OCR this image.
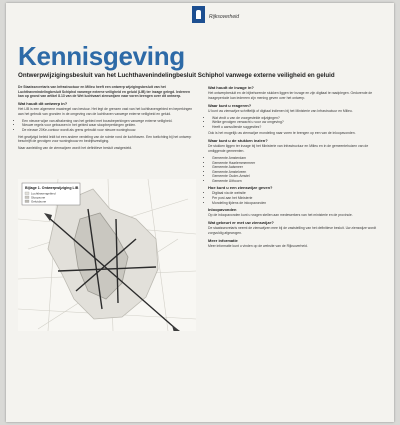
Rijksoverheid
Kennisgeving
Ontwerpwijzigingsbesluit van het Luchthavenindelingbesluit Schiphol vanwege externe veiligheid en geluid

De Staatssecretaris van Infrastructuur en Milieu heeft een ontwerp wijzigingsbesluit van het Luchthavenindelingbesluit Schiphol vanwege externe veiligheid en geluid (LIB) ter inzage gelegd. Iedereen kan op grond van artikel 8.13 van de Wet luchtvaart zienswijzen naar voren brengen over dit ontwerp.

Wat houdt dit ontwerp in?

Het LIB is een algemene maatregel van bestuur. Het legt de grenzen vast van het luchthavengebied en beperkingen aan het gebruik van gronden in de omgeving van de luchthaven vanwege externe veiligheid en geluid.

• Een nieuwe wijze van afbakening van het gebied met bouwbeperkingen vanwege externe veiligheid.
• Nieuwe regels voor gebouwen in het gebied waar sloopbeperkingen gelden.
• De nieuwe 20Ke-contour wordt als grens gebruikt voor nieuwe woningbouw.

Het gewijzigd beleid leidt tot een andere verdeling van de ruimte rond de luchthaven. Een toelichting bij het ontwerp beschrijft de gevolgen voor woningbouw en bedrijfsvestiging.

Naar aanleiding van de zienswijzen wordt het definitieve besluit vastgesteld.

Bijlage 1. Ontwerpwijziging LIB
Luchthavengebied
Sloopzone
Geluidzone
Wat houdt de inzage in?

Het ontwerpbesluit en de bijbehorende stukken liggen ter inzage en zijn digitaal te raadplegen. Gedurende de inzageperiode kan iedereen zijn mening geven over het ontwerp.

Waar kunt u reageren?

U kunt uw zienswijze schriftelijk of digitaal indienen bij het Ministerie van Infrastructuur en Milieu.

• Wat vindt u van de voorgestelde wijzigingen?
• Welke gevolgen verwacht u voor uw omgeving?
• Heeft u aanvullende suggesties?

Ook is het mogelijk uw zienswijze mondeling naar voren te brengen op een van de inloopavonden.

Waar kunt u de stukken inzien?

De stukken liggen ter inzage bij het Ministerie van Infrastructuur en Milieu en in de gemeentehuizen van de omliggende gemeenten.

• Gemeente Amsterdam
• Gemeente Haarlemmermeer
• Gemeente Aalsmeer
• Gemeente Amstelveen
• Gemeente Ouder-Amstel
• Gemeente Uithoorn
Hoe kunt u een zienswijze geven?
• Digitaal via de website
• Per post aan het Ministerie
• Mondeling tijdens de inloopavonden
Inloopavonden

Op de inloopavonden kunt u vragen stellen aan medewerkers van het ministerie en de provincie.

Wat gebeurt er met uw zienswijze?

De staatssecretaris neemt de zienswijzen mee bij de vaststelling van het definitieve besluit. Uw zienswijze wordt zorgvuldig afgewogen.

Meer informatie

Meer informatie kunt u vinden op de website van de Rijksoverheid.
